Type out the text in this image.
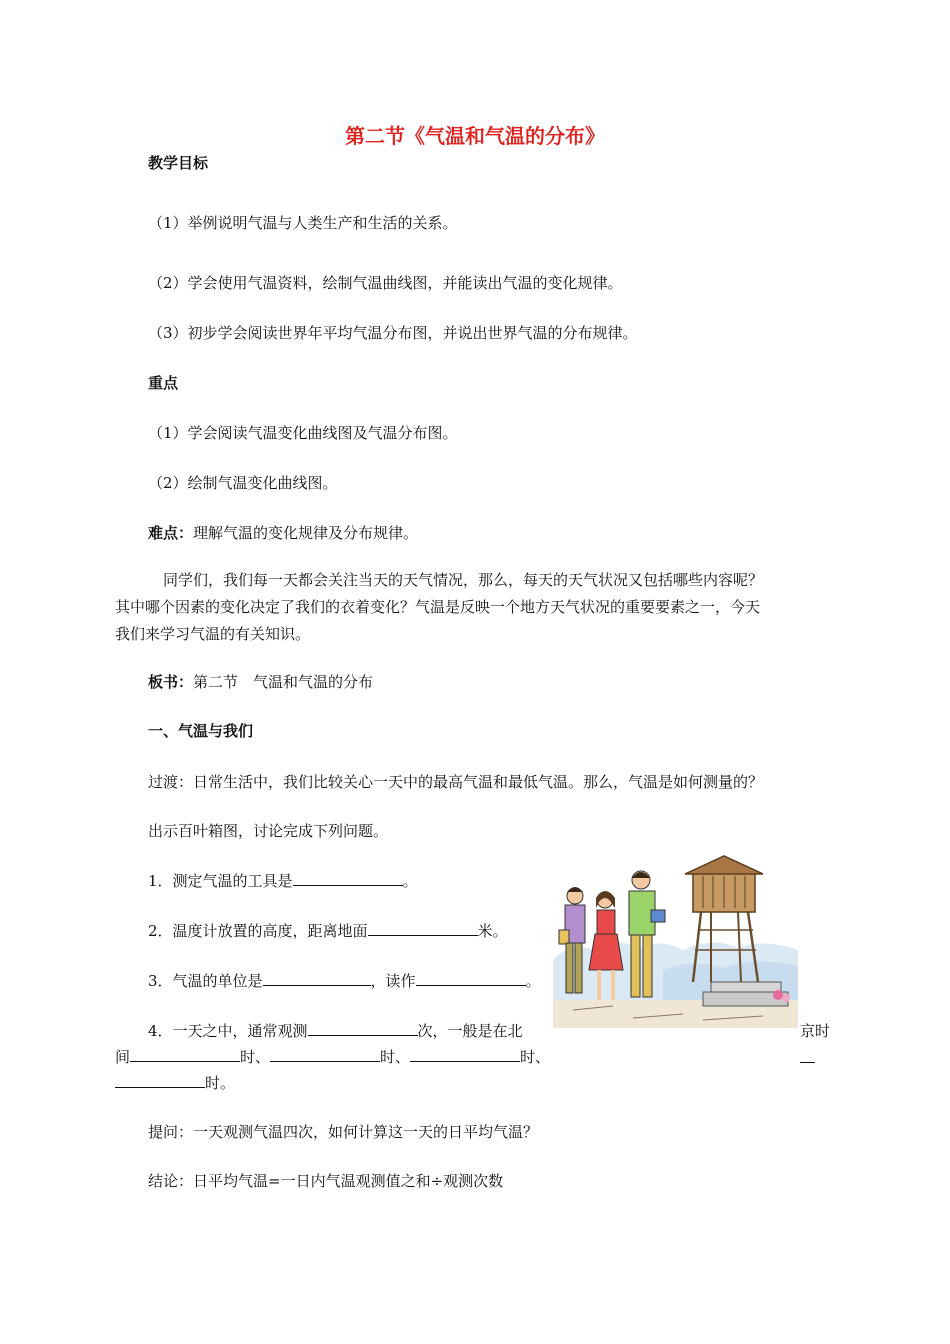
第二节《气温和气温的分布》
教学目标
（1）举例说明气温与人类生产和生活的关系。
（2）学会使用气温资料，绘制气温曲线图，并能读出气温的变化规律。
（3）初步学会阅读世界年平均气温分布图，并说出世界气温的分布规律。
重点
（1）学会阅读气温变化曲线图及气温分布图。
（2）绘制气温变化曲线图。
难点：理解气温的变化规律及分布规律。
同学们，我们每一天都会关注当天的天气情况，那么，每天的天气状况又包括哪些内容呢？
其中哪个因素的变化决定了我们的衣着变化？气温是反映一个地方天气状况的重要要素之一，今天
我们来学习气温的有关知识。
板书：第二节　气温和气温的分布
一、气温与我们
过渡：日常生活中，我们比较关心一天中的最高气温和最低气温。那么，气温是如何测量的？
出示百叶箱图，讨论完成下列问题。
1．测定气温的工具是	。
2．温度计放置的高度，距离地面	米。
3．气温的单位是	，读作	。
4．一天之中，通常观测	次，一般是在北	京时
间	时、	时、	时、
时。
提问：一天观测气温四次，如何计算这一天的日平均气温？
结论：日平均气温=一日内气温观测值之和÷观测次数
